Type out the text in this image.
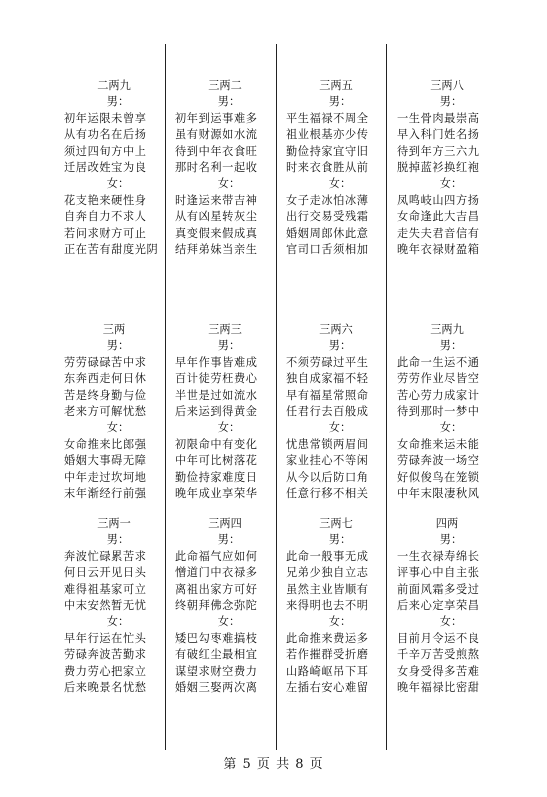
二两九
男：
初年运限未曾享
从有功名在后扬
须过四旬方中上
迁居改姓宝为良
女：
花支艳来硬性身
自奔自力不求人
若问求财方可止
正在苦有甜度光阴
三两二
男：
初年到运事难多
虽有财源如水流
待到中年衣食旺
那时名利一起收
女：
时逢运来带吉神
从有凶星转灰尘
真变假来假成真
结拜弟妹当亲生
三两五
男：
平生福禄不周全
祖业根基亦少传
勤俭持家宜守旧
时来衣食胜从前
女：
女子走冰怕冰薄
出行交易受残霜
婚姻周郎休此意
官司口舌须相加
三两八
男：
一生骨肉最崇高
早入科门姓名扬
待到年方三六九
脱掉蓝衫换红袍
女：
凤鸣岐山四方扬
女命逢此大吉昌
走失夫君音信有
晚年衣禄财盈箱
三两
男：
劳劳碌碌苦中求
东奔西走何日休
苦是终身勤与俭
老来方可解忧愁
女：
女命推来比郎强
婚姻大事碍无障
中年走过坎坷地
末年渐经行前强
三两三
男：
早年作事皆难成
百计徒劳枉费心
半世是过如流水
后来运到得黄金
女：
初限命中有变化
中年可比树落花
勤俭持家难度日
晚年成业享荣华
三两六
男：
不须劳碌过平生
独自成家福不轻
早有福星常照命
任君行去百般成
女：
忧患常锁两眉间
家业挂心不等闲
从今以后防口角
任意行移不相关
三两九
男：
此命一生运不通
劳劳作业尽皆空
苦心劳力成家计
待到那时一梦中
女：
女命推来运未能
劳碌奔波一场空
好似俊鸟在笼锁
中年末限凄秋风
三两一
男：
奔波忙碌累苦求
何日云开见日头
难得祖基家可立
中末安然暂无忧
女：
早年行运在忙头
劳碌奔波苦勤求
费力劳心把家立
后来晚景名忧愁
三两四
男：
此命福气应如何
憎道门中衣禄多
离祖出家方可好
终朝拜佛念弥陀
女：
矮巴勾枣难搞枝
有破红尘最相宜
谋望求财空费力
婚姻三娶两次离
三两七
男：
此命一般事无成
兄弟少独自立志
虽然主业皆顺有
来得明也去不明
女：
此命推来费运多
若作摧群受折磨
山路崎岖吊下耳
左插右安心难留
四两
男：
一生衣禄寿绵长
评事心中自主张
前面风霜多受过
后来心定享荣昌
女：
目前月令运不良
千辛万苦受煎熬
女身受得多苦难
晚年福禄比密甜
第 5 页 共 8 页
